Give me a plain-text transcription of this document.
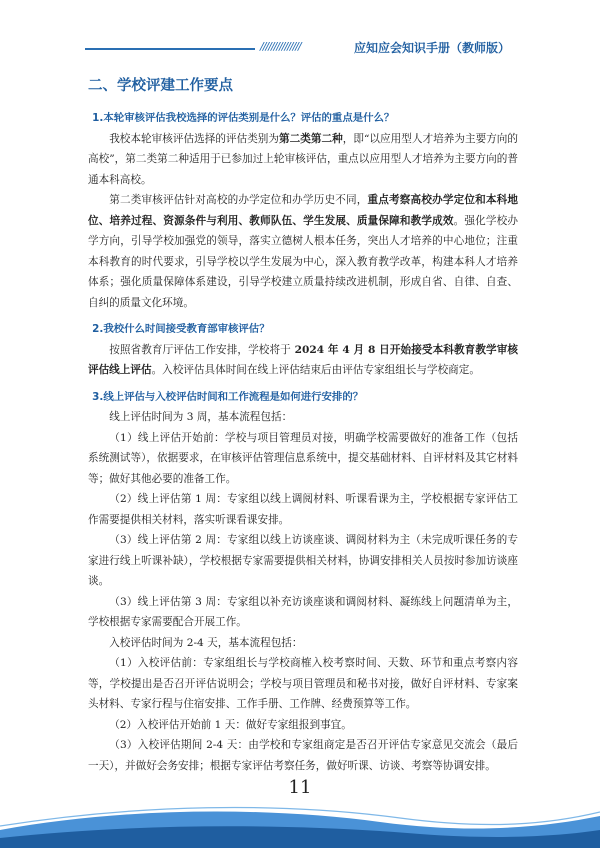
///////////////	应知应会知识手册（教师版）
二、学校评建工作要点

1.本轮审核评估我校选择的评估类别是什么？评估的重点是什么？

我校本轮审核评估选择的评估类别为第二类第二种，即“以应用型人才培养为主要方向的高校”，第二类第二种适用于已参加过上轮审核评估，重点以应用型人才培养为主要方向的普通本科高校。

第二类审核评估针对高校的办学定位和办学历史不同，重点考察高校办学定位和本科地位、培养过程、资源条件与利用、教师队伍、学生发展、质量保障和教学成效。强化学校办学方向，引导学校加强党的领导，落实立德树人根本任务，突出人才培养的中心地位；注重本科教育的时代要求，引导学校以学生发展为中心，深入教育教学改革，构建本科人才培养体系；强化质量保障体系建设，引导学校建立质量持续改进机制，形成自省、自律、自查、自纠的质量文化环境。

2.我校什么时间接受教育部审核评估？

按照省教育厅评估工作安排，学校将于 2024 年 4 月 8 日开始接受本科教育教学审核评估线上评估。入校评估具体时间在线上评估结束后由评估专家组组长与学校商定。

3.线上评估与入校评估时间和工作流程是如何进行安排的？

线上评估时间为 3 周，基本流程包括：

（1）线上评估开始前：学校与项目管理员对接，明确学校需要做好的准备工作（包括系统测试等），依据要求，在审核评估管理信息系统中，提交基础材料、自评材料及其它材料等；做好其他必要的准备工作。

（2）线上评估第 1 周：专家组以线上调阅材料、听课看课为主，学校根据专家评估工作需要提供相关材料，落实听课看课安排。

（3）线上评估第 2 周：专家组以线上访谈座谈、调阅材料为主（未完成听课任务的专家进行线上听课补缺），学校根据专家需要提供相关材料，协调安排相关人员按时参加访谈座谈。

（3）线上评估第 3 周：专家组以补充访谈座谈和调阅材料、凝练线上问题清单为主，学校根据专家需要配合开展工作。

入校评估时间为 2-4 天，基本流程包括：

（1）入校评估前：专家组组长与学校商榷入校考察时间、天数、环节和重点考察内容等，学校提出是否召开评估说明会；学校与项目管理员和秘书对接，做好自评材料、专家案头材料、专家行程与住宿安排、工作手册、工作牌、经费预算等工作。

（2）入校评估开始前 1 天：做好专家组报到事宜。

（3）入校评估期间 2-4 天：由学校和专家组商定是否召开评估专家意见交流会（最后一天），并做好会务安排；根据专家评估考察任务，做好听课、访谈、考察等协调安排。

11
